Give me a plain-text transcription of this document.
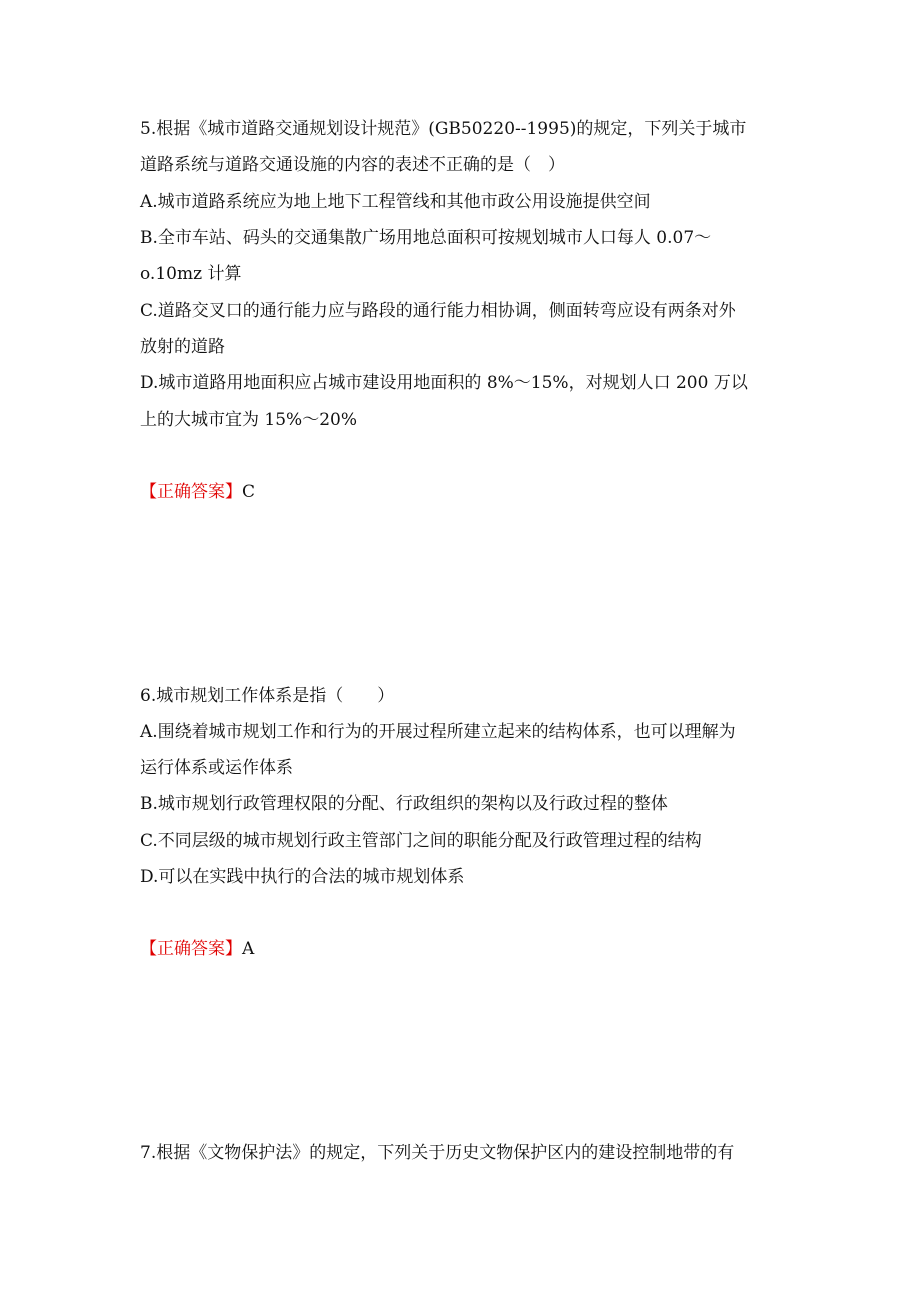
5.根据《城市道路交通规划设计规范》(GB50220--1995)的规定，下列关于城市
道路系统与道路交通设施的内容的表述不正确的是（　）
A.城市道路系统应为地上地下工程管线和其他市政公用设施提供空间
B.全市车站、码头的交通集散广场用地总面积可按规划城市人口每人 0.07～
o.10mz 计算
C.道路交叉口的通行能力应与路段的通行能力相协调，侧面转弯应设有两条对外
放射的道路
D.城市道路用地面积应占城市建设用地面积的 8%～15%，对规划人口 200 万以
上的大城市宜为 15%～20%
【正确答案】C
6.城市规划工作体系是指（　　）
A.围绕着城市规划工作和行为的开展过程所建立起来的结构体系，也可以理解为
运行体系或运作体系
B.城市规划行政管理权限的分配、行政组织的架构以及行政过程的整体
C.不同层级的城市规划行政主管部门之间的职能分配及行政管理过程的结构
D.可以在实践中执行的合法的城市规划体系
【正确答案】A
7.根据《文物保护法》的规定，下列关于历史文物保护区内的建设控制地带的有
